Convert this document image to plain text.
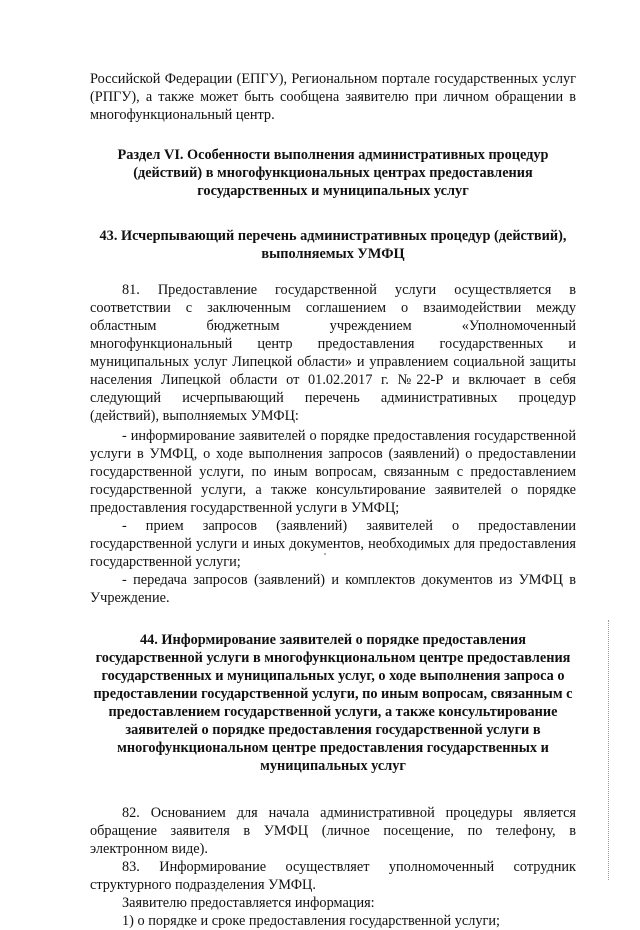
Российской Федерации (ЕПГУ), Региональном портале государственных услуг (РПГУ), а также может быть сообщена заявителю при личном обращении в многофункциональный центр.

Раздел VI. Особенности выполнения административных процедур (действий) в многофункциональных центрах предоставления государственных и муниципальных услуг

43. Исчерпывающий перечень административных процедур (действий), выполняемых УМФЦ

81. Предоставление государственной услуги осуществляется в соответствии с заключенным соглашением о взаимодействии между областным бюджетным учреждением «Уполномоченный многофункциональный центр предоставления государственных и муниципальных услуг Липецкой области» и управлением социальной защиты населения Липецкой области от 01.02.2017 г. №22-Р и включает в себя следующий исчерпывающий перечень административных процедур (действий), выполняемых УМФЦ:

- информирование заявителей о порядке предоставления государственной услуги в УМФЦ, о ходе выполнения запросов (заявлений) о предоставлении государственной услуги, по иным вопросам, связанным с предоставлением государственной услуги, а также консультирование заявителей о порядке предоставления государственной услуги в УМФЦ;

- прием запросов (заявлений) заявителей о предоставлении государственной услуги и иных документов, необходимых для предоставления государственной услуги;

- передача запросов (заявлений) и комплектов документов из УМФЦ в Учреждение.

44. Информирование заявителей о порядке предоставления государственной услуги в многофункциональном центре предоставления государственных и муниципальных услуг, о ходе выполнения запроса о предоставлении государственной услуги, по иным вопросам, связанным с предоставлением государственной услуги, а также консультирование заявителей о порядке предоставления государственной услуги в многофункциональном центре предоставления государственных и муниципальных услуг

82. Основанием для начала административной процедуры является обращение заявителя в УМФЦ (личное посещение, по телефону, в электронном виде).

83. Информирование осуществляет уполномоченный сотрудник структурного подразделения УМФЦ.

Заявителю предоставляется информация:

1) о порядке и сроке предоставления государственной услуги;
